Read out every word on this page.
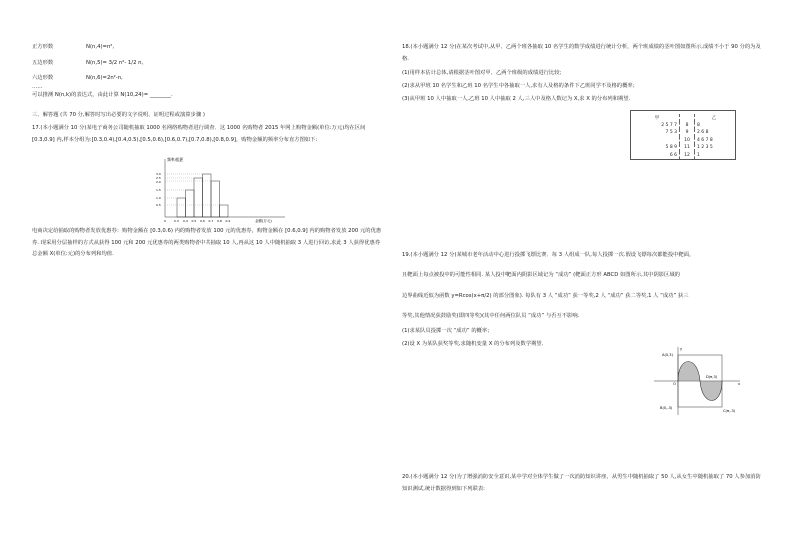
正方形数	N(n,4)=n²,
五边形数	N(n,5)= 3/2 n²- 1/2 n,
六边形数	N(n,6)=2n²-n,
……
可以推测 N(n,k)的表达式，由此计算 N(10,24)= ________.
三、解答题 (共 70 分,解答时写出必要的文字说明、证明过程或演算步骤 )
17.(本小题满分 10 分)某电子商务公司随机抽取 1000 名网络购物者进行调查．这 1000 名购物者 2015 年网上购物金额(单位:万元)均在区间 [0.3,0.9] 内,样本分组为:[0.3,0.4),[0.4,0.5),[0.5,0.6),[0.6,0.7),[0.7,0.8),[0.8,0.9]，购物金额的频率分布直方图如下:
频率/组距
3.0
2.5
2.0
1.5
1.0
0.5
0	0.3 0.4 0.5 0.6 0.7 0.8 0.9	金额(万元)
电商决定给抽取的购物者发放优惠券：购物金额在 [0.3,0.6) 内的购物者发放 100 元的优惠券，购物金额在 [0.6,0.9] 内的购物者发放 200 元的优惠券. 现采用分层抽样的方式从获得 100 元和 200 元优惠券的两类购物者中共抽取 10 人,再从这 10 人中随机抽取 3 人进行回访,求此 3 人获得优惠券总金额 X(单位:元)的分布列和均值.
18.(本小题满分 12 分)在某次考试中,从甲、乙两个班各抽取 10 名学生的数学成绩进行统计分析，两个班成绩的茎叶图如图所示,成绩不小于 90 分的为及格.
(1)用样本估计总体,请根据茎叶图对甲、乙两个班级的成绩进行比较；
(2)求从甲班 10 名学生和乙班 10 名学生中各抽取一人,求有人及格的条件下乙班同学不及格的概率；
(3)从甲班 10 人中抽取一人,乙班 10 人中抽取 2 人,三人中及格人数记为 X,求 X 的分布列和期望.
甲		乙
2 5 7 7	8	8
7 5 3	9	2 6 8
	10	4 6 7 8
5 8 9	11	1 2 3 5
6 6	12	1
19.(本小题满分 12 分)某城市老年活动中心进行投掷飞镖比赛．每 3 人组成一队,每人投掷一次.假设飞镖每次都能投中靶面，
且靶面上每点被投中的可能性相同. 某人投中靶面内阴影区域记为 “成功” (靶面正方形 ABCD 如图所示,其中阴影区域的
边界曲线近似为函数 y=Rcos(x+π/2) 的部分图象). 每队有 3 人 “成功” 获一等奖,2 人 “成功” 获二等奖,1 人 “成功” 获三
等奖,其他情况获鼓励奖(即四等奖)(其中任何两位队员 “成功” 与否互不影响.
(1)求某队员投掷一次 “成功” 的概率；
(2)设 X 为某队获奖等奖,求随机变量 X 的分布列及数学期望.
A(0,3)
B(0,-3)
D(π,3)
C(π,-3)
O	x
y
20.(本小题满分 12 分)为了增强消防安全意识,某中学对全体学生做了一次消防知识讲座，从男生中随机抽取了 50 人,从女生中随机抽取了 70 人参加消防知识测试,统计数据得到如下列联表:
